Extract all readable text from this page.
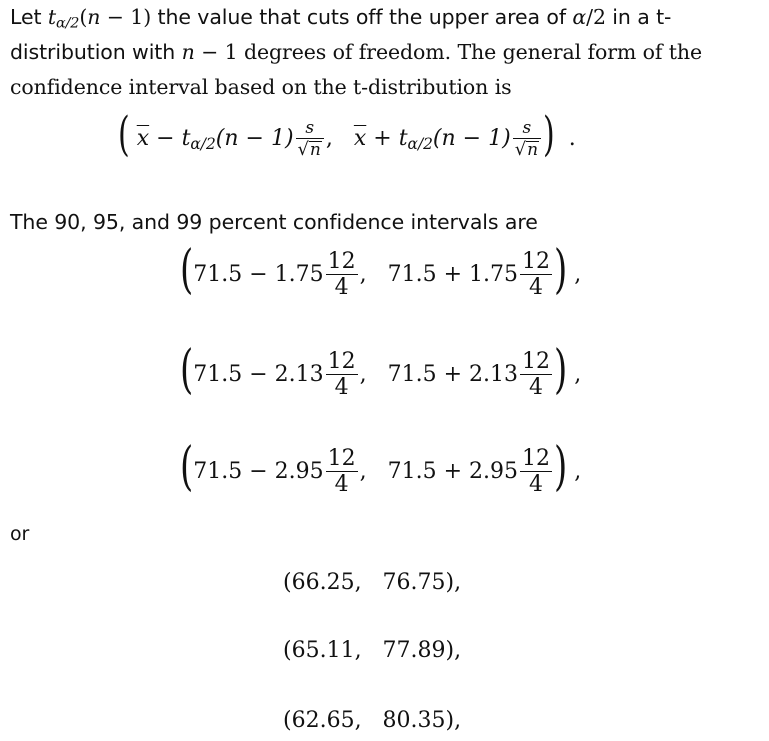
Let $t_{\alpha/2}(n - 1)$ the value that cuts off the upper area of α/2 in a t-distribution with n − 1 degrees of freedom. The general form of the confidence interval based on the t-distribution is
( $\overline{x} - t_{\alpha/2}(n - 1) \frac{s}{√ n}$ , $\overline{x} + t_{\alpha/2}(n - 1) \frac{s}{√ n}$ ) .
The 90, 95, and 99 percent confidence intervals are
($71.5 - 1.75 \frac{12}{4}$ ,   $71.5 + 1.75 \frac{12}{4}$ ) ,
($71.5 - 2.13 \frac{12}{4}$ ,   $71.5 + 2.13 \frac{12}{4}$ ) ,
($71.5 - 2.95 \frac{12}{4}$ ,   $71.5 + 2.95 \frac{12}{4}$ ) ,
or
(66.25,   76.75),
(65.11,   77.89),
(62.65,   80.35),
